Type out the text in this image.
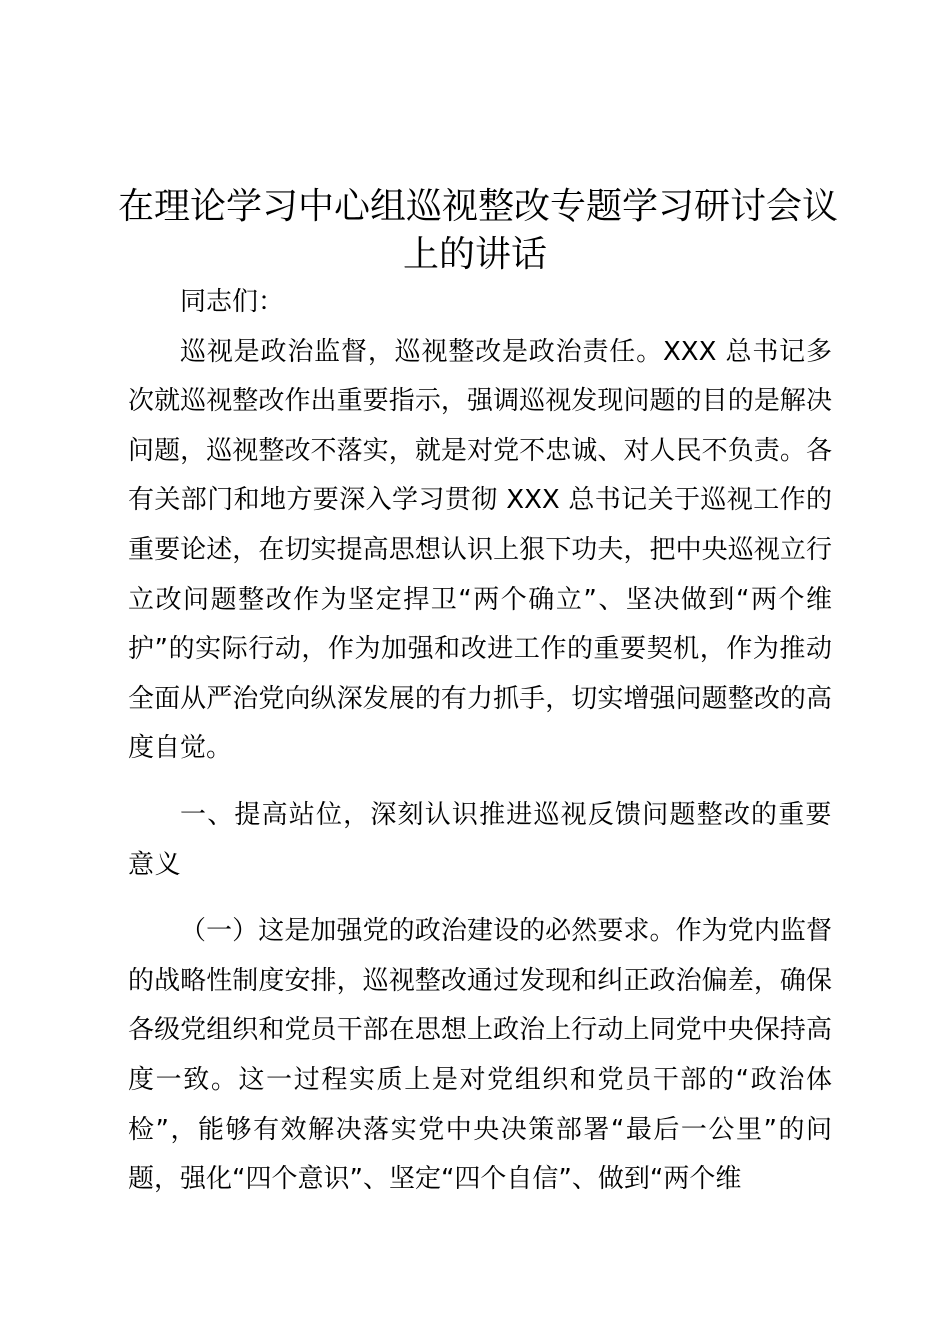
在理论学习中心组巡视整改专题学习研讨会议
上的讲话

同志们：

巡视是政治监督，巡视整改是政治责任。XXX 总书记多次就巡视整改作出重要指示，强调巡视发现问题的目的是解决问题，巡视整改不落实，就是对党不忠诚、对人民不负责。各有关部门和地方要深入学习贯彻 XXX 总书记关于巡视工作的重要论述，在切实提高思想认识上狠下功夫，把中央巡视立行立改问题整改作为坚定捍卫“两个确立”、坚决做到“两个维护”的实际行动，作为加强和改进工作的重要契机，作为推动全面从严治党向纵深发展的有力抓手，切实增强问题整改的高度自觉。

一、提高站位，深刻认识推进巡视反馈问题整改的重要意义

（一）这是加强党的政治建设的必然要求。作为党内监督的战略性制度安排，巡视整改通过发现和纠正政治偏差，确保各级党组织和党员干部在思想上政治上行动上同党中央保持高度一致。这一过程实质上是对党组织和党员干部的“政治体检”，能够有效解决落实党中央决策部署“最后一公里”的问题，强化“四个意识”、坚定“四个自信”、做到“两个维
